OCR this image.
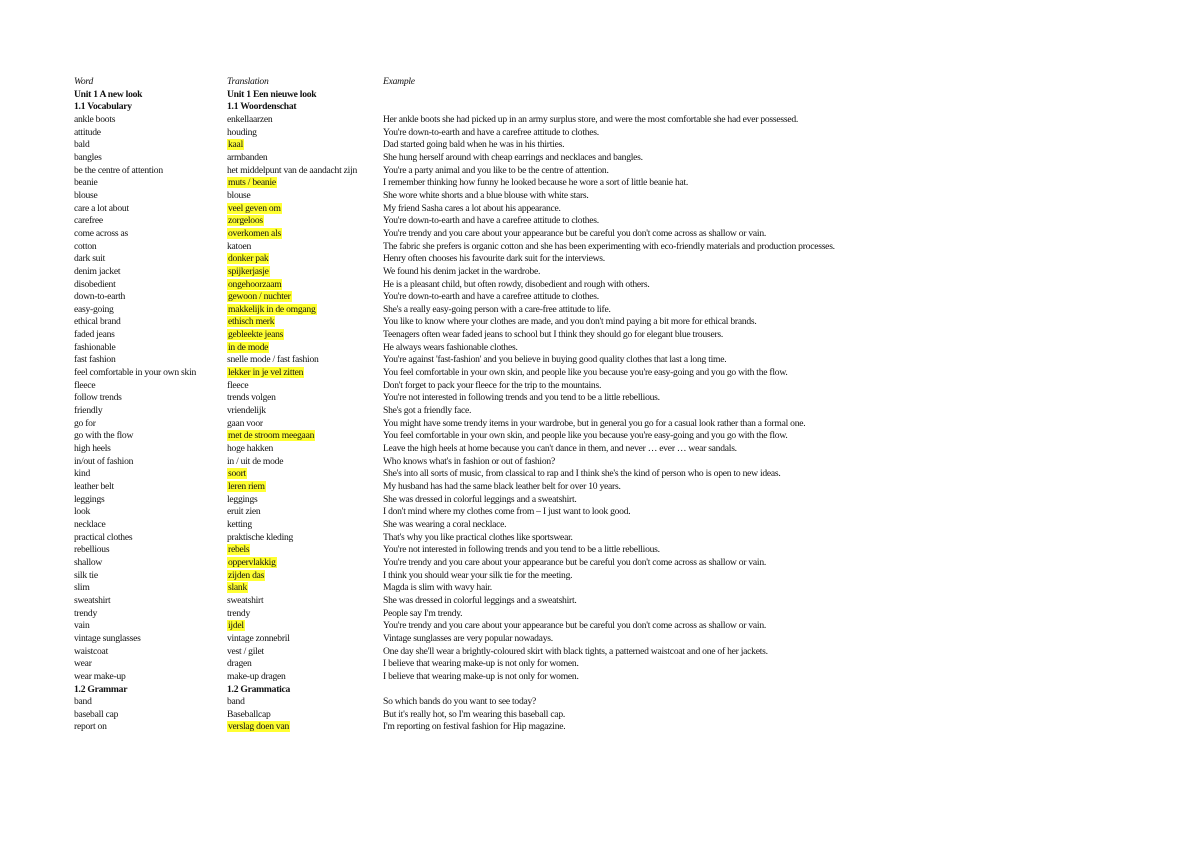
Word	Translation	Example
Unit 1 A new look	Unit 1 Een nieuwe look
1.1 Vocabulary	1.1 Woordenschat
ankle boots	enkellaarzen	Her ankle boots she had picked up in an army surplus store, and were the most comfortable she had ever possessed.
attitude	houding	You're down-to-earth and have a carefree attitude to clothes.
bald	kaal	Dad started going bald when he was in his thirties.
bangles	armbanden	She hung herself around with cheap earrings and necklaces and bangles.
be the centre of attention	het middelpunt van de aandacht zijn	You're a party animal and you like to be the centre of attention.
beanie	muts / beanie	I remember thinking how funny he looked because he wore a sort of little beanie hat.
blouse	blouse	She wore white shorts and a blue blouse with white stars.
care a lot about	veel geven om	My friend Sasha cares a lot about his appearance.
carefree	zorgeloos	You're down-to-earth and have a carefree attitude to clothes.
come across as	overkomen als	You're trendy and you care about your appearance but be careful you don't come across as shallow or vain.
cotton	katoen	The fabric she prefers is organic cotton and she has been experimenting with eco-friendly materials and production processes.
dark suit	donker pak	Henry often chooses his favourite dark suit for the interviews.
denim jacket	spijkerjasje	We found his denim jacket in the wardrobe.
disobedient	ongehoorzaam	He is a pleasant child, but often rowdy, disobedient and rough with others.
down-to-earth	gewoon / nuchter	You're down-to-earth and have a carefree attitude to clothes.
easy-going	makkelijk in de omgang	She's a really easy-going person with a care-free attitude to life.
ethical brand	ethisch merk	You like to know where your clothes are made, and you don't mind paying a bit more for ethical brands.
faded jeans	gebleekte jeans	Teenagers often wear faded jeans to school but I think they should go for elegant blue trousers.
fashionable	in de mode	He always wears fashionable clothes.
fast fashion	snelle mode / fast fashion	You're against 'fast-fashion' and you believe in buying good quality clothes that last a long time.
feel comfortable in your own skin	lekker in je vel zitten	You feel comfortable in your own skin, and people like you because you're easy-going and you go with the flow.
fleece	fleece	Don't forget to pack your fleece for the trip to the mountains.
follow trends	trends volgen	You're not interested in following trends and you tend to be a little rebellious.
friendly	vriendelijk	She's got a friendly face.
go for	gaan voor	You might have some trendy items in your wardrobe, but in general you go for a casual look rather than a formal one.
go with the flow	met de stroom meegaan	You feel comfortable in your own skin, and people like you because you're easy-going and you go with the flow.
high heels	hoge hakken	Leave the high heels at home because you can't dance in them, and never … ever … wear sandals.
in/out of fashion	in / uit de mode	Who knows what's in fashion or out of fashion?
kind	soort	She's into all sorts of music, from classical to rap and I think she's the kind of person who is open to new ideas.
leather belt	leren riem	My husband has had the same black leather belt for over 10 years.
leggings	leggings	She was dressed in colorful leggings and a sweatshirt.
look	eruit zien	I don't mind where my clothes come from – I just want to look good.
necklace	ketting	She was wearing a coral necklace.
practical clothes	praktische kleding	That's why you like practical clothes like sportswear.
rebellious	rebels	You're not interested in following trends and you tend to be a little rebellious.
shallow	oppervlakkig	You're trendy and you care about your appearance but be careful you don't come across as shallow or vain.
silk tie	zijden das	I think you should wear your silk tie for the meeting.
slim	slank	Magda is slim with wavy hair.
sweatshirt	sweatshirt	She was dressed in colorful leggings and a sweatshirt.
trendy	trendy	People say I'm trendy.
vain	ijdel	You're trendy and you care about your appearance but be careful you don't come across as shallow or vain.
vintage sunglasses	vintage zonnebril	Vintage sunglasses are very popular nowadays.
waistcoat	vest / gilet	One day she'll wear a brightly-coloured skirt with black tights, a patterned waistcoat and one of her jackets.
wear	dragen	I believe that wearing make-up is not only for women.
wear make-up	make-up dragen	I believe that wearing make-up is not only for women.
1.2 Grammar	1.2 Grammatica
band	band	So which bands do you want to see today?
baseball cap	Baseballcap	But it's really hot, so I'm wearing this baseball cap.
report on	verslag doen van	I'm reporting on festival fashion for Hip magazine.
